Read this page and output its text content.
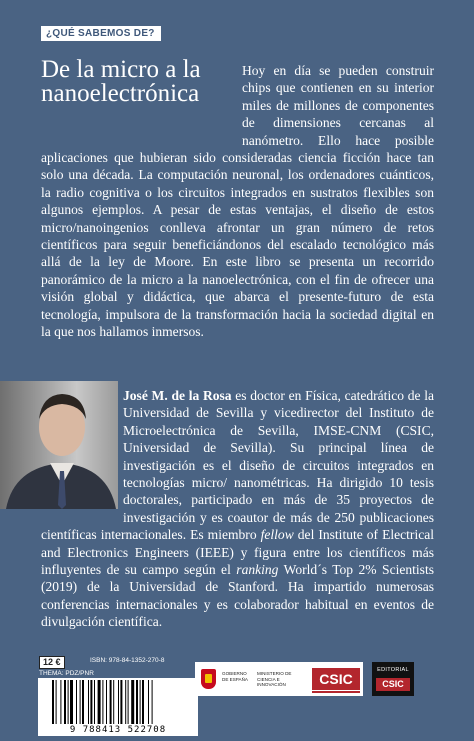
¿QUÉ SABEMOS DE?
De la micro a la
nanoelectrónica

Hoy en día se pueden construir chips que contienen en su interior miles de millones de componentes de dimensiones cercanas al nanómetro. Ello hace posible aplicaciones que hubieran sido consideradas ciencia ficción hace tan solo una década. La computación neuronal, los ordenadores cuánticos, la radio cognitiva o los circuitos integrados en sustratos flexibles son algunos ejemplos. A pesar de estas ventajas, el diseño de estos micro/nanoingenios conlleva afrontar un gran número de retos científicos para seguir beneficiándonos del escalado tecnológico más allá de la ley de Moore. En este libro se presenta un recorrido panorámico de la micro a la nanoelectrónica, con el fin de ofrecer una visión global y didáctica, que abarca el presente-futuro de esta tecnología, impulsora de la transformación hacia la sociedad digital en la que nos hallamos inmersos.

José M. de la Rosa es doctor en Física, catedrático de la Universidad de Sevilla y vicedirector del Instituto de Microelectrónica de Sevilla, IMSE-CNM (CSIC, Universidad de Sevilla). Su principal línea de investigación es el diseño de circuitos integrados en tecnologías micro/ nanométricas. Ha dirigido 10 tesis doctorales, participado en más de 35 proyectos de investigación y es coautor de más de 250 publicaciones científicas internacionales. Es miembro fellow del Institute of Electrical and Electronics Engineers (IEEE) y figura entre los científicos más influyentes de su campo según el ranking World´s Top 2% Scientists (2019) de la Universidad de Stanford. Ha impartido numerosas conferencias internacionales y es colaborador habitual en eventos de divulgación científica.

12 €	ISBN: 978-84-1352-270-8
THEMA: PDZ/PNR
9 788413 522708
GOBIERNO DE ESPAÑA
MINISTERIO DE CIENCIA E INNOVACIÓN	CSIC
EDITORIAL
CSIC
